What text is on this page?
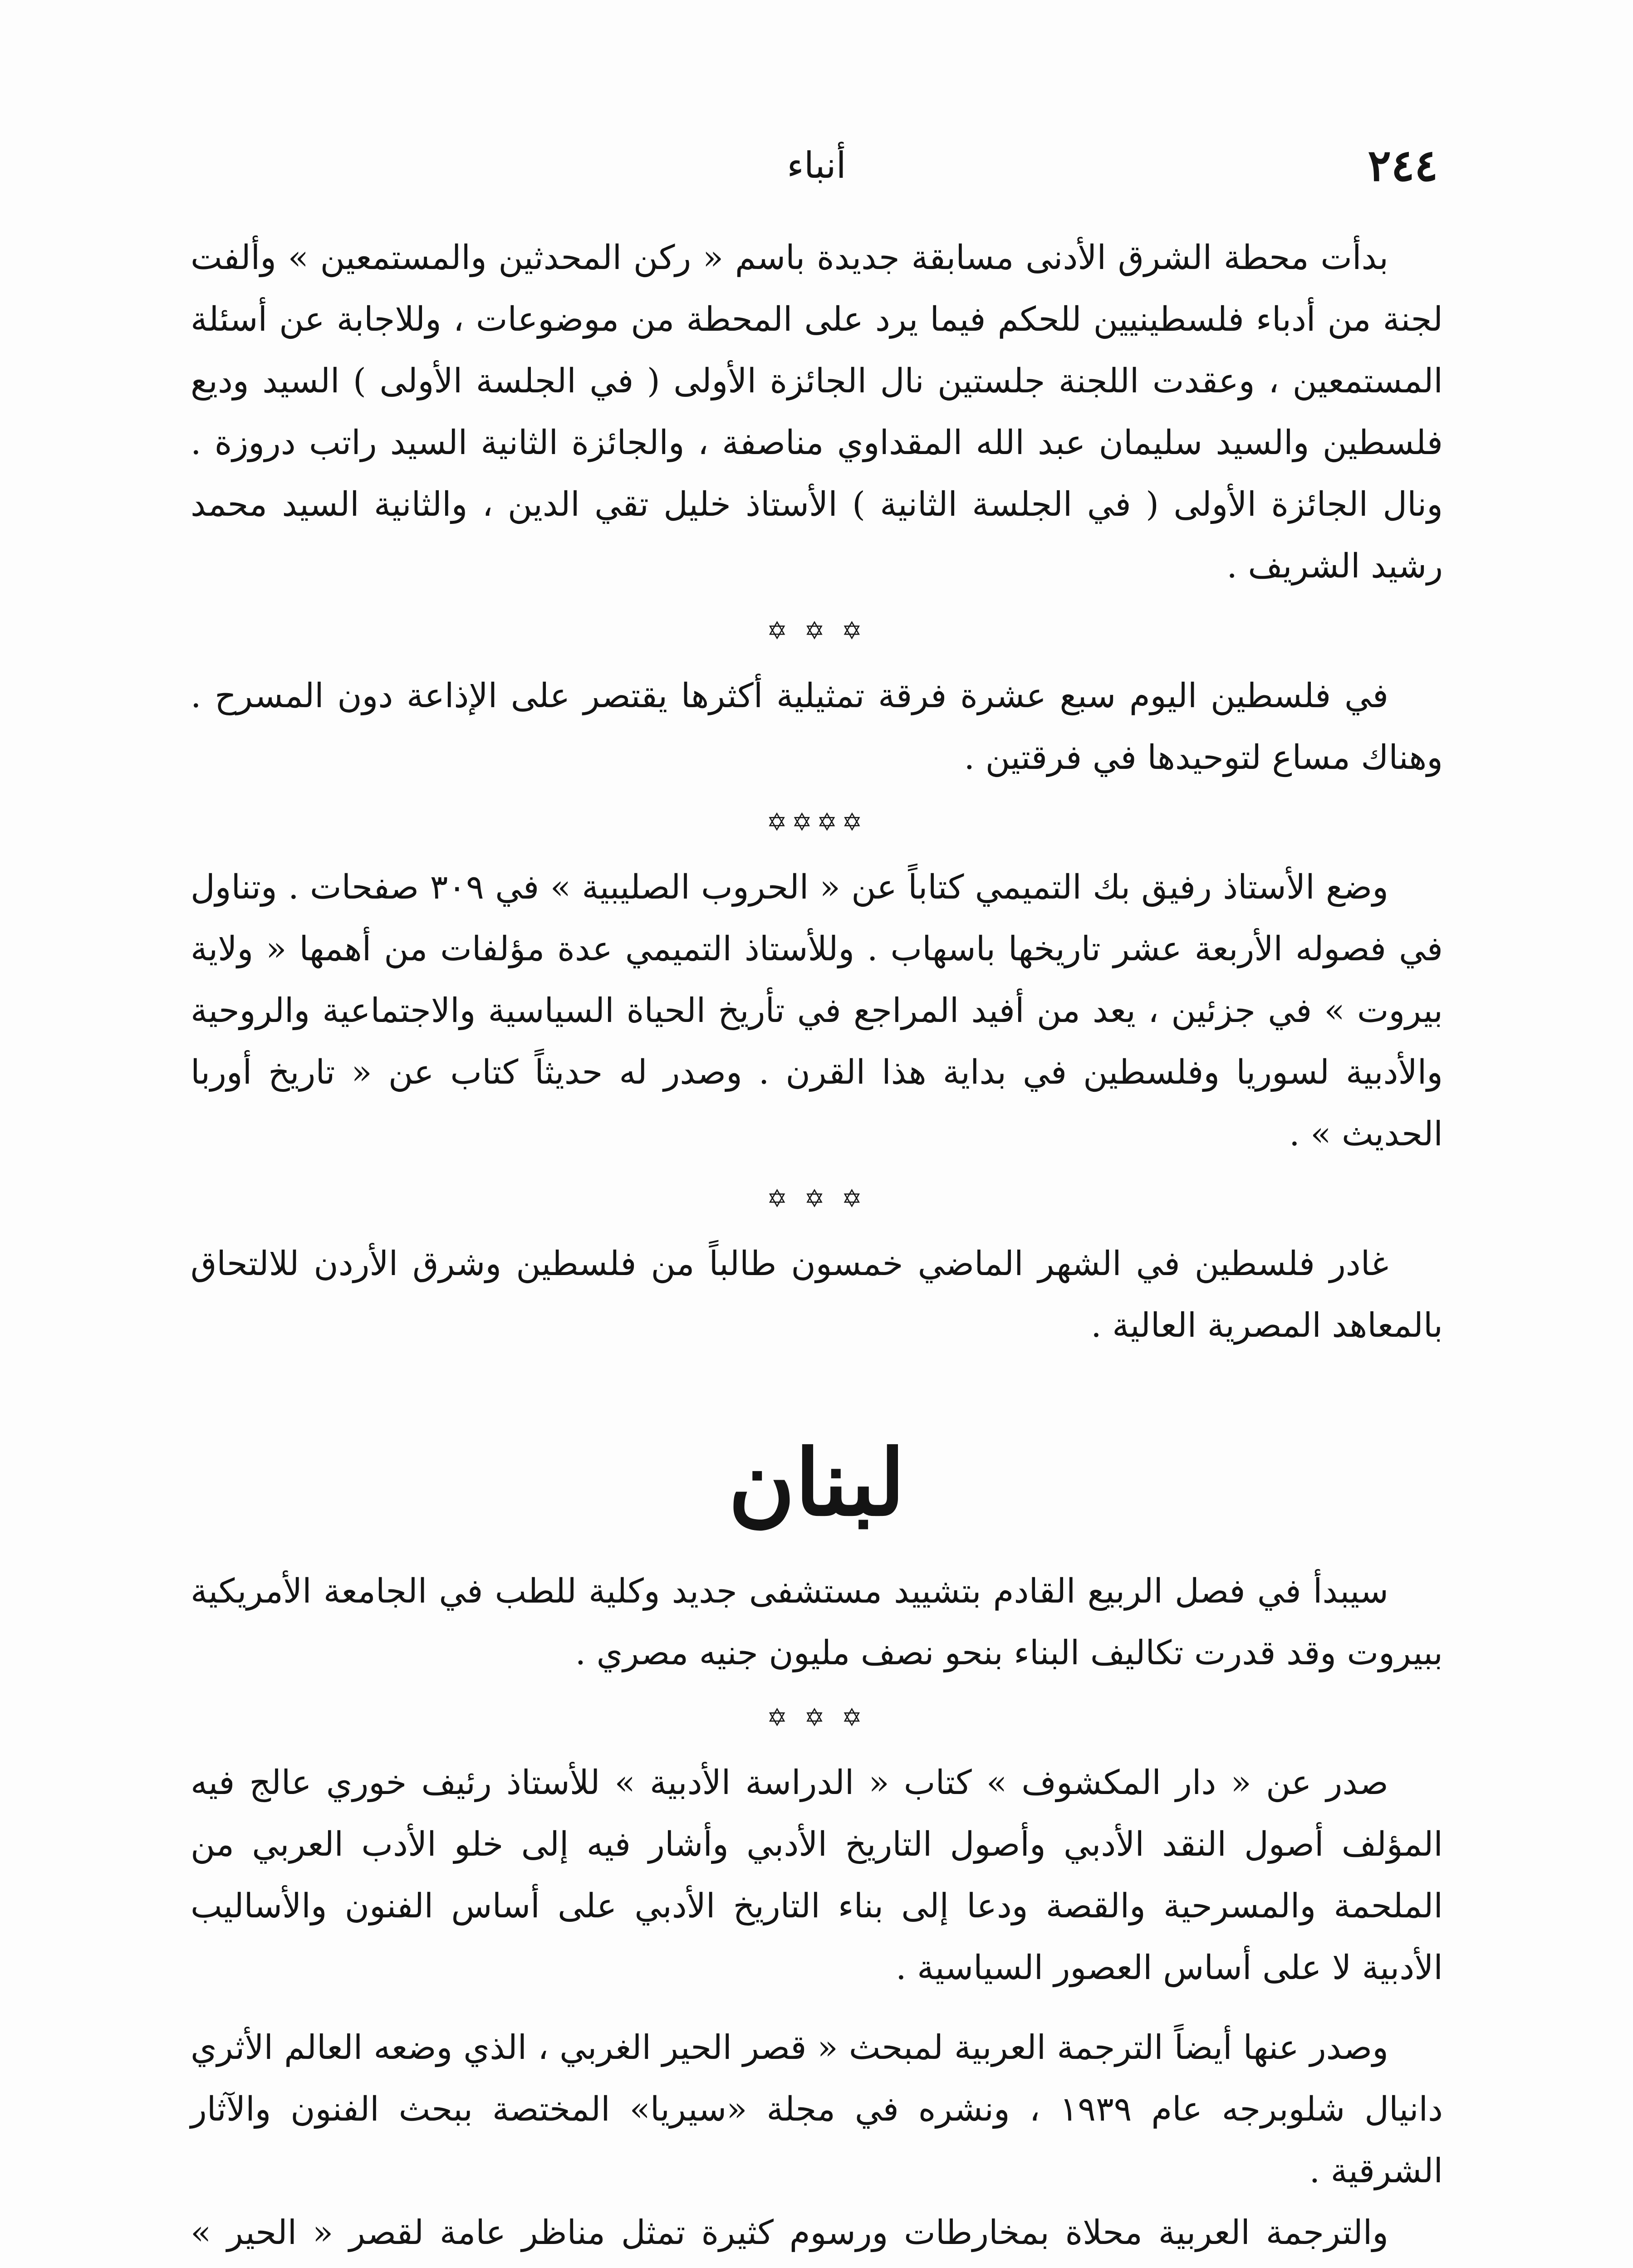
٢٤٤
أنباء

بدأت محطة الشرق الأدنى مسابقة جديدة باسم « ركن المحدثين والمستمعين » وألفت لجنة من أدباء فلسطينيين للحكم فيما يرد على المحطة من موضوعات ، وللاجابة عن أسئلة المستمعين ، وعقدت اللجنة جلستين نال الجائزة الأولى ( في الجلسة الأولى ) السيد وديع فلسطين والسيد سليمان عبد الله المقداوي مناصفة ، والجائزة الثانية السيد راتب دروزة . ونال الجائزة الأولى ( في الجلسة الثانية ) الأستاذ خليل تقي الدين ، والثانية السيد محمد رشيد الشريف .

✡ ✡ ✡

في فلسطين اليوم سبع عشرة فرقة تمثيلية أكثرها يقتصر على الإذاعة دون المسرح . وهناك مساع لتوحيدها في فرقتين .

✡✡✡✡

وضع الأستاذ رفيق بك التميمي كتاباً عن « الحروب الصليبية » في ٣٠٩ صفحات . وتناول في فصوله الأربعة عشر تاريخها باسهاب . وللأستاذ التميمي عدة مؤلفات من أهمها « ولاية بيروت » في جزئين ، يعد من أفيد المراجع في تأريخ الحياة السياسية والاجتماعية والروحية والأدبية لسوريا وفلسطين في بداية هذا القرن . وصدر له حديثاً كتاب عن « تاريخ أوربا الحديث » .

✡ ✡ ✡

غادر فلسطين في الشهر الماضي خمسون طالباً من فلسطين وشرق الأردن للالتحاق بالمعاهد المصرية العالية .

لبنان

سيبدأ في فصل الربيع القادم بتشييد مستشفى جديد وكلية للطب في الجامعة الأمريكية ببيروت وقد قدرت تكاليف البناء بنحو نصف مليون جنيه مصري .

✡ ✡ ✡

صدر عن « دار المكشوف » كتاب « الدراسة الأدبية » للأستاذ رئيف خوري عالج فيه المؤلف أصول النقد الأدبي وأصول التاريخ الأدبي وأشار فيه إلى خلو الأدب العربي من الملحمة والمسرحية والقصة ودعا إلى بناء التاريخ الأدبي على أساس الفنون والأساليب الأدبية لا على أساس العصور السياسية .

وصدر عنها أيضاً الترجمة العربية لمبحث « قصر الحير الغربي ، الذي وضعه العالم الأثري دانيال شلوبرجه عام ١٩٣٩ ، ونشره في مجلة «سيريا» المختصة ببحث الفنون والآثار الشرقية .

والترجمة العربية محلاة بمخارطات ورسوم كثيرة تمثل مناظر عامة لقصر « الحير »
